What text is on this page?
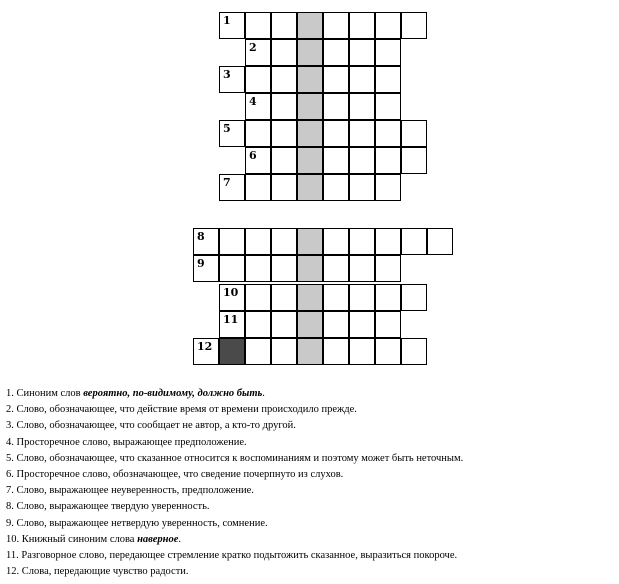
1
2
3
4
5
6
7
8
9
10
11
12
1. Синоним слов вероятно, по-видимому, должно быть.
2. Слово, обозначающее, что действие время от времени происходило прежде.
3. Слово, обозначающее, что сообщает не автор, а кто-то другой.
4. Просторечное слово, выражающее предположение.
5. Слово, обозначающее, что сказанное относится к воспоминаниям и поэтому может быть неточным.
6. Просторечное слово, обозначающее, что сведение почерпнуто из слухов.
7. Слово, выражающее неуверенность, предположение.
8. Слово, выражающее твердую уверенность.
9. Слово, выражающее нетвердую уверенность, сомнение.
10. Книжный синоним слова наверное.
11. Разговорное слово, передающее стремление кратко подытожить сказанное, выразиться покороче.
12. Слова, передающие чувство радости.
